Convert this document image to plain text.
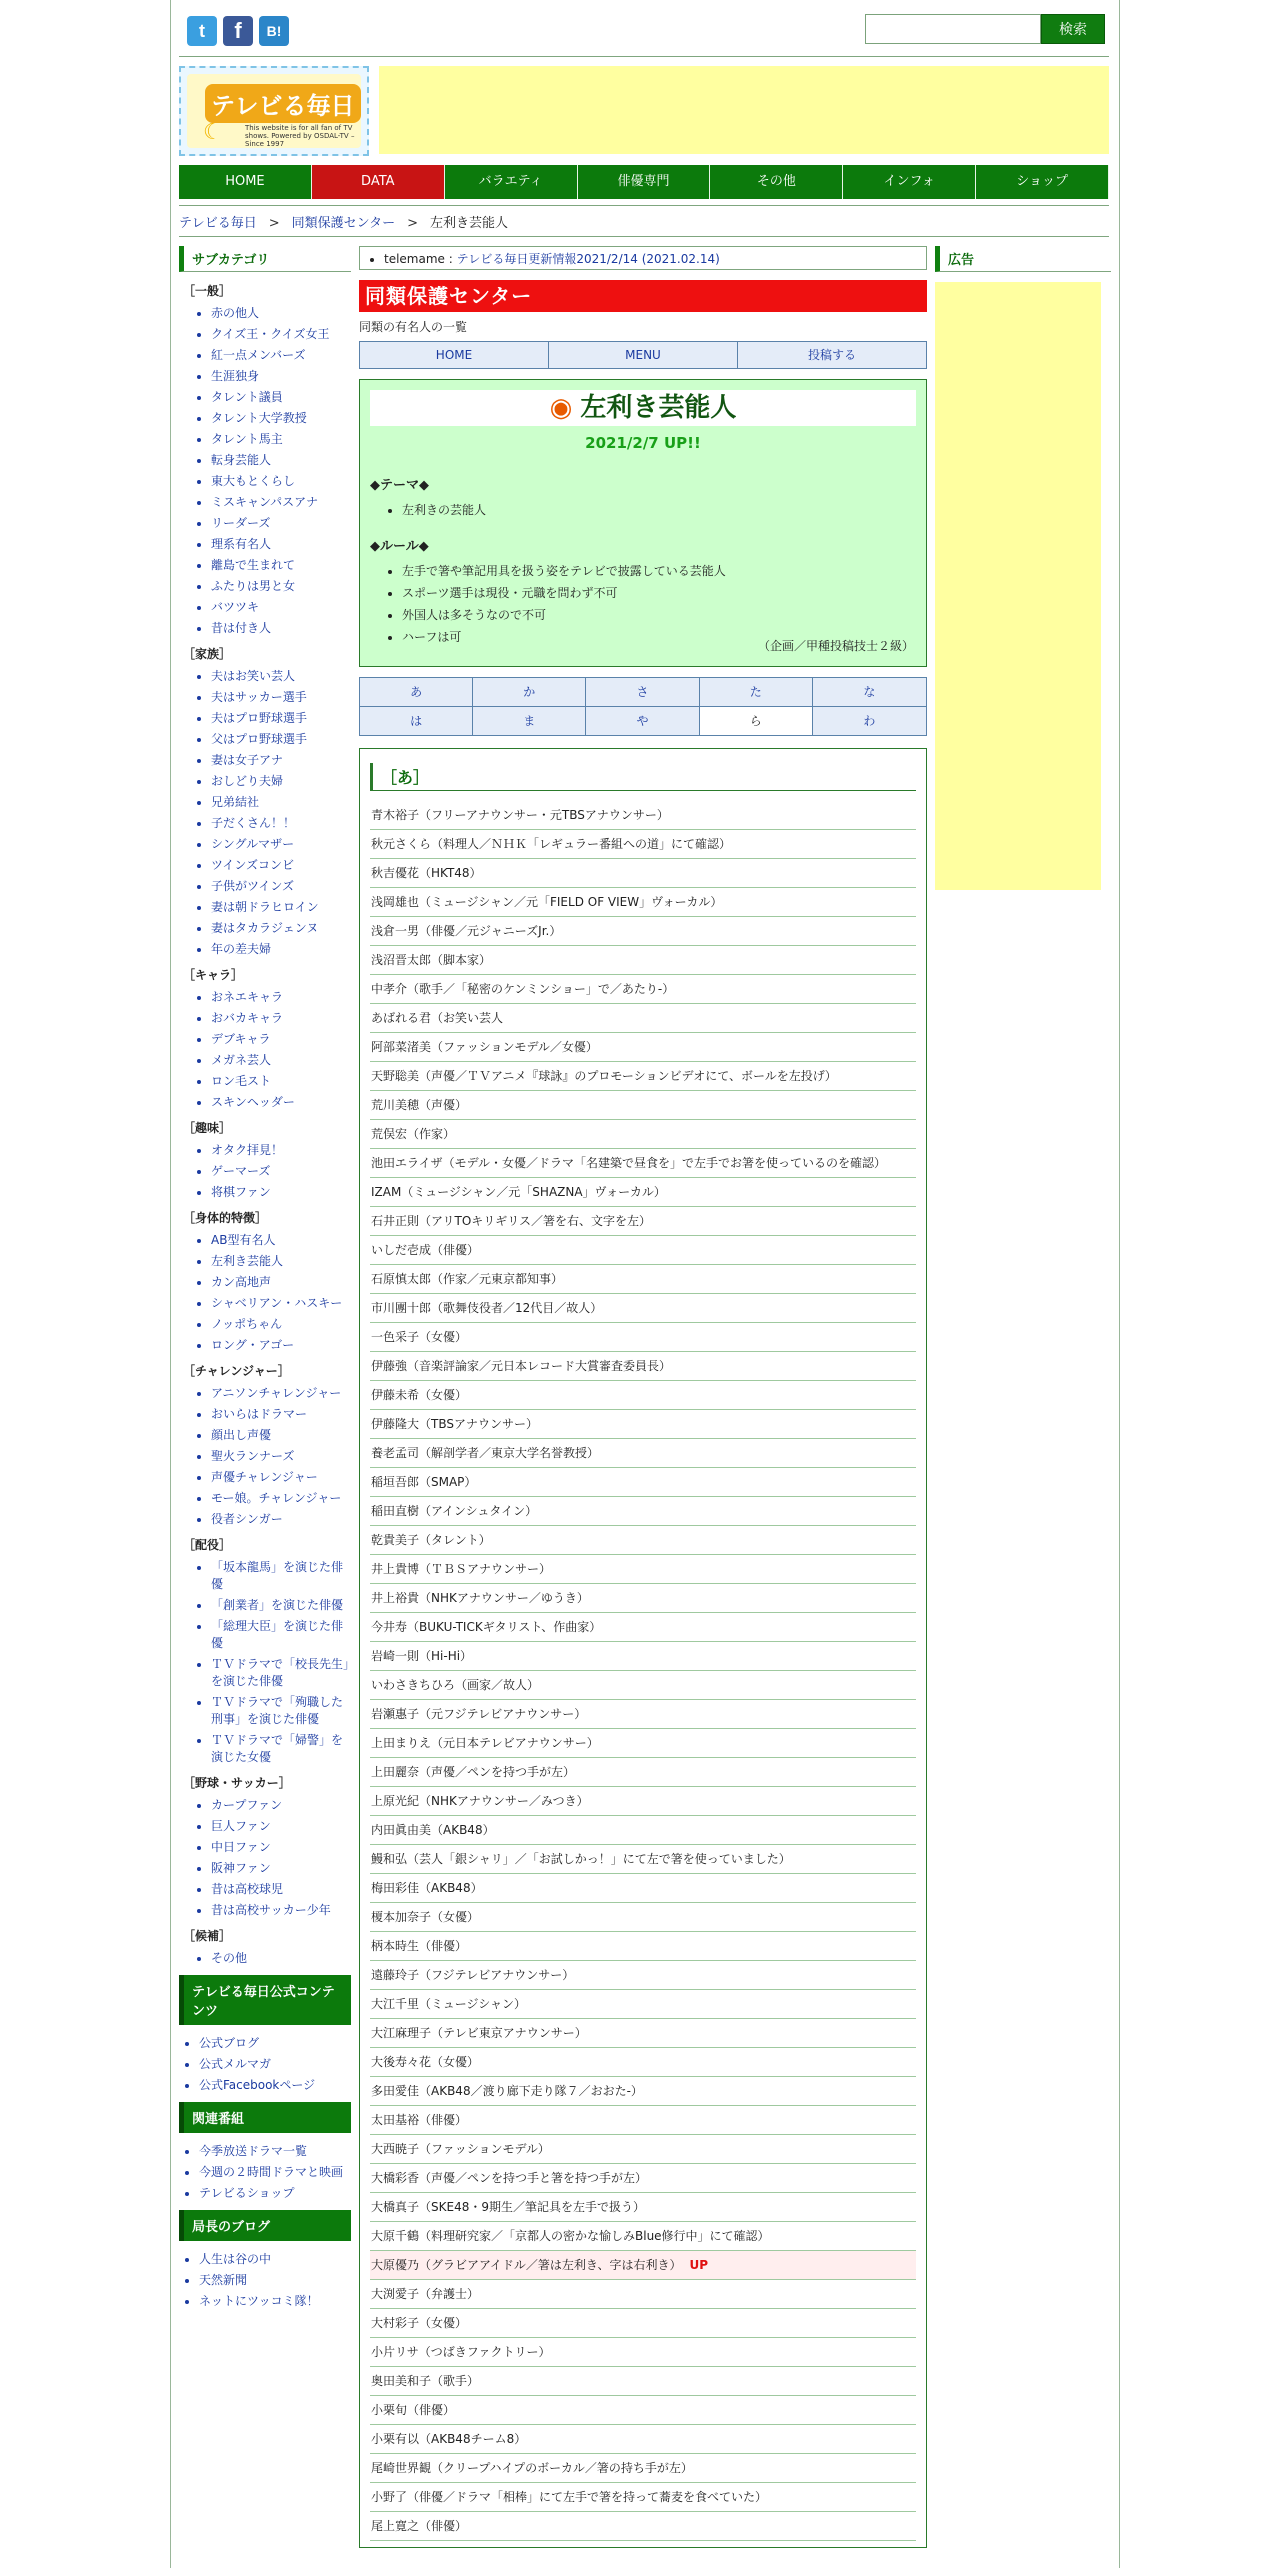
t	f	B!	検索
テレビる毎日
☾	This website is for all fan of TV shows. Powered by OSDAL-TV – Since 1997
HOME	DATA	バラエティ	俳優専門	その他	インフォ	ショップ
テレビる毎日 > 同類保護センター > 左利き芸能人
サブカテゴリ
［一般］
• 赤の他人
• クイズ王・クイズ女王
• 紅一点メンバーズ
• 生涯独身
• タレント議員
• タレント大学教授
• タレント馬主
• 転身芸能人
• 東大もとくらし
• ミスキャンパスアナ
• リーダーズ
• 理系有名人
• 離島で生まれて
• ふたりは男と女
• バツツキ
• 昔は付き人
［家族］
• 夫はお笑い芸人
• 夫はサッカー選手
• 夫はプロ野球選手
• 父はプロ野球選手
• 妻は女子アナ
• おしどり夫婦
• 兄弟結社
• 子だくさん！！
• シングルマザー
• ツインズコンビ
• 子供がツインズ
• 妻は朝ドラヒロイン
• 妻はタカラジェンヌ
• 年の差夫婦
［キャラ］
• おネエキャラ
• おバカキャラ
• デブキャラ
• メガネ芸人
• ロン毛スト
• スキンヘッダー
［趣味］
• オタク拝見！
• ゲーマーズ
• 将棋ファン
［身体的特徴］
• AB型有名人
• 左利き芸能人
• カン高地声
• シャベリアン・ハスキー
• ノッポちゃん
• ロング・アゴー
［チャレンジャー］
• アニソンチャレンジャー
• おいらはドラマー
• 顔出し声優
• 聖火ランナーズ
• 声優チャレンジャー
• モー娘。チャレンジャー
• 役者シンガー
［配役］
• 「坂本龍馬」を演じた俳優
• 「創業者」を演じた俳優
• 「総理大臣」を演じた俳優
• ＴＶドラマで「校長先生」を演じた俳優
• ＴＶドラマで「殉職した刑事」を演じた俳優
• ＴＶドラマで「婦警」を演じた女優
［野球・サッカー］
• カープファン
• 巨人ファン
• 中日ファン
• 阪神ファン
• 昔は高校球児
• 昔は高校サッカー少年
［候補］
• その他
テレビる毎日公式コンテンツ
• 公式ブログ
• 公式メルマガ
• 公式Facebookページ
関連番組
• 今季放送ドラマ一覧
• 今週の２時間ドラマと映画
• テレビるショップ
局長のブログ
• 人生は谷の中
• 天然新聞
• ネットにツッコミ隊！
• telemame : テレビる毎日更新情報2021/2/14 (2021.02.14)
同類保護センター
同類の有名人の一覧
HOME	MENU	投稿する
◉ 左利き芸能人
2021/2/7 UP!!
◆テーマ◆
• 左利きの芸能人
◆ルール◆
• 左手で箸や筆記用具を扱う姿をテレビで披露している芸能人
• スポーツ選手は現役・元職を問わず不可
• 外国人は多そうなので不可
• ハーフは可
（企画／甲種投稿技士２級）
あ	か	さ	た	な
は	ま	や	ら	わ
［あ］
青木裕子（フリーアナウンサー・元TBSアナウンサー）
秋元さくら（料理人／ＮＨＫ「レギュラー番組への道」にて確認）
秋吉優花（HKT48）
浅岡雄也（ミュージシャン／元「FIELD OF VIEW」ヴォーカル）
浅倉一男（俳優／元ジャニーズJr.）
浅沼晋太郎（脚本家）
中孝介（歌手／「秘密のケンミンショー」で／あたり-）
あばれる君（お笑い芸人
阿部菜渚美（ファッションモデル／女優）
天野聡美（声優／ＴＶアニメ『球詠』のプロモーションビデオにて、ボールを左投げ）
荒川美穂（声優）
荒俣宏（作家）
池田エライザ（モデル・女優／ドラマ「名建築で昼食を」で左手でお箸を使っているのを確認）
IZAM（ミュージシャン／元「SHAZNA」ヴォーカル）
石井正則（アリTOキリギリス／箸を右、文字を左）
いしだ壱成（俳優）
石原慎太郎（作家／元東京都知事）
市川團十郎（歌舞伎役者／12代目／故人）
一色采子（女優）
伊藤強（音楽評論家／元日本レコード大賞審査委員長）
伊藤未希（女優）
伊藤隆大（TBSアナウンサー）
養老孟司（解剖学者／東京大学名誉教授）
稲垣吾郎（SMAP）
稲田直樹（アインシュタイン）
乾貴美子（タレント）
井上貴博（ＴＢＳアナウンサー）
井上裕貴（NHKアナウンサー／ゆうき）
今井寿（BUKU-TICKギタリスト、作曲家）
岩崎一則（Hi-Hi）
いわさきちひろ（画家／故人）
岩瀬惠子（元フジテレビアナウンサー）
上田まりえ（元日本テレビアナウンサー）
上田麗奈（声優／ペンを持つ手が左）
上原光紀（NHKアナウンサー／みつき）
内田眞由美（AKB48）
鰻和弘（芸人「銀シャリ」／「お試しかっ！」にて左で箸を使っていました）
梅田彩佳（AKB48）
榎本加奈子（女優）
柄本時生（俳優）
遠藤玲子（フジテレビアナウンサー）
大江千里（ミュージシャン）
大江麻理子（テレビ東京アナウンサー）
大後寿々花（女優）
多田愛佳（AKB48／渡り廊下走り隊７／おおた-）
太田基裕（俳優）
大西暁子（ファッションモデル）
大橋彩香（声優／ペンを持つ手と箸を持つ手が左）
大橋真子（SKE48・9期生／筆記具を左手で扱う）
大原千鶴（料理研究家／「京都人の密かな愉しみBlue修行中」にて確認）
大原優乃（グラビアアイドル／箸は左利き、字は右利き） UP
大渕愛子（弁護士）
大村彩子（女優）
小片リサ（つばきファクトリー）
奥田美和子（歌手）
小栗旬（俳優）
小栗有以（AKB48チーム8）
尾崎世界観（クリープハイプのボーカル／箸の持ち手が左）
小野了（俳優／ドラマ「相棒」にて左手で箸を持って蕎麦を食べていた）
尾上寛之（俳優）
広告
